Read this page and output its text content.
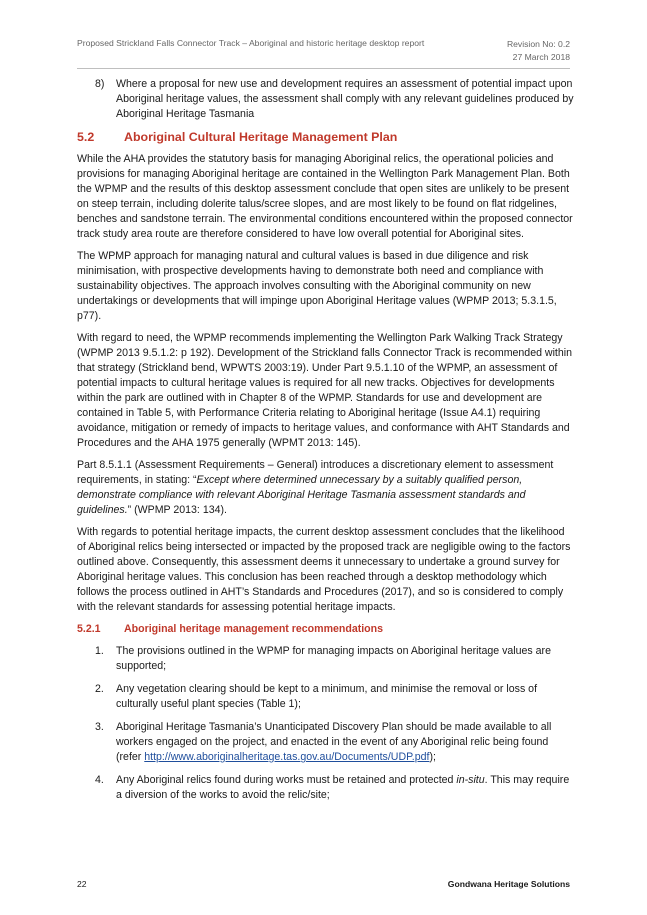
Proposed Strickland Falls Connector Track – Aboriginal and historic heritage desktop report	Revision No: 0.2
27 March 2018
8) Where a proposal for new use and development requires an assessment of potential impact upon Aboriginal heritage values, the assessment shall comply with any relevant guidelines produced by Aboriginal Heritage Tasmania
5.2 Aboriginal Cultural Heritage Management Plan

While the AHA provides the statutory basis for managing Aboriginal relics, the operational policies and provisions for managing Aboriginal heritage are contained in the Wellington Park Management Plan. Both the WPMP and the results of this desktop assessment conclude that open sites are unlikely to be present on steep terrain, including dolerite talus/scree slopes, and are most likely to be found on flat ridgelines, benches and sandstone terrain. The environmental conditions encountered within the proposed connector track study area route are therefore considered to have low overall potential for Aboriginal sites.

The WPMP approach for managing natural and cultural values is based in due diligence and risk minimisation, with prospective developments having to demonstrate both need and compliance with sustainability objectives. The approach involves consulting with the Aboriginal community on new undertakings or developments that will impinge upon Aboriginal Heritage values (WPMP 2013; 5.3.1.5, p77).

With regard to need, the WPMP recommends implementing the Wellington Park Walking Track Strategy (WPMP 2013 9.5.1.2: p 192). Development of the Strickland falls Connector Track is recommended within that strategy (Strickland bend, WPWTS 2003:19). Under Part 9.5.1.10 of the WPMP, an assessment of potential impacts to cultural heritage values is required for all new tracks. Objectives for developments within the park are outlined with in Chapter 8 of the WPMP. Standards for use and development are contained in Table 5, with Performance Criteria relating to Aboriginal heritage (Issue A4.1) requiring avoidance, mitigation or remedy of impacts to heritage values, and conformance with AHT Standards and Procedures and the AHA 1975 generally (WPMT 2013: 145).

Part 8.5.1.1 (Assessment Requirements – General) introduces a discretionary element to assessment requirements, in stating: “Except where determined unnecessary by a suitably qualified person, demonstrate compliance with relevant Aboriginal Heritage Tasmania assessment standards and guidelines.” (WPMP 2013: 134).

With regards to potential heritage impacts, the current desktop assessment concludes that the likelihood of Aboriginal relics being intersected or impacted by the proposed track are negligible owing to the factors outlined above. Consequently, this assessment deems it unnecessary to undertake a ground survey for Aboriginal heritage values. This conclusion has been reached through a desktop methodology which follows the process outlined in AHT’s Standards and Procedures (2017), and so is considered to comply with the relevant standards for assessing potential heritage impacts.

5.2.1 Aboriginal heritage management recommendations
1. The provisions outlined in the WPMP for managing impacts on Aboriginal heritage values are supported;
2. Any vegetation clearing should be kept to a minimum, and minimise the removal or loss of culturally useful plant species (Table 1);
3. Aboriginal Heritage Tasmania’s Unanticipated Discovery Plan should be made available to all workers engaged on the project, and enacted in the event of any Aboriginal relic being found (refer http://www.aboriginalheritage.tas.gov.au/Documents/UDP.pdf);
4. Any Aboriginal relics found during works must be retained and protected in-situ. This may require a diversion of the works to avoid the relic/site;
22	Gondwana Heritage Solutions
